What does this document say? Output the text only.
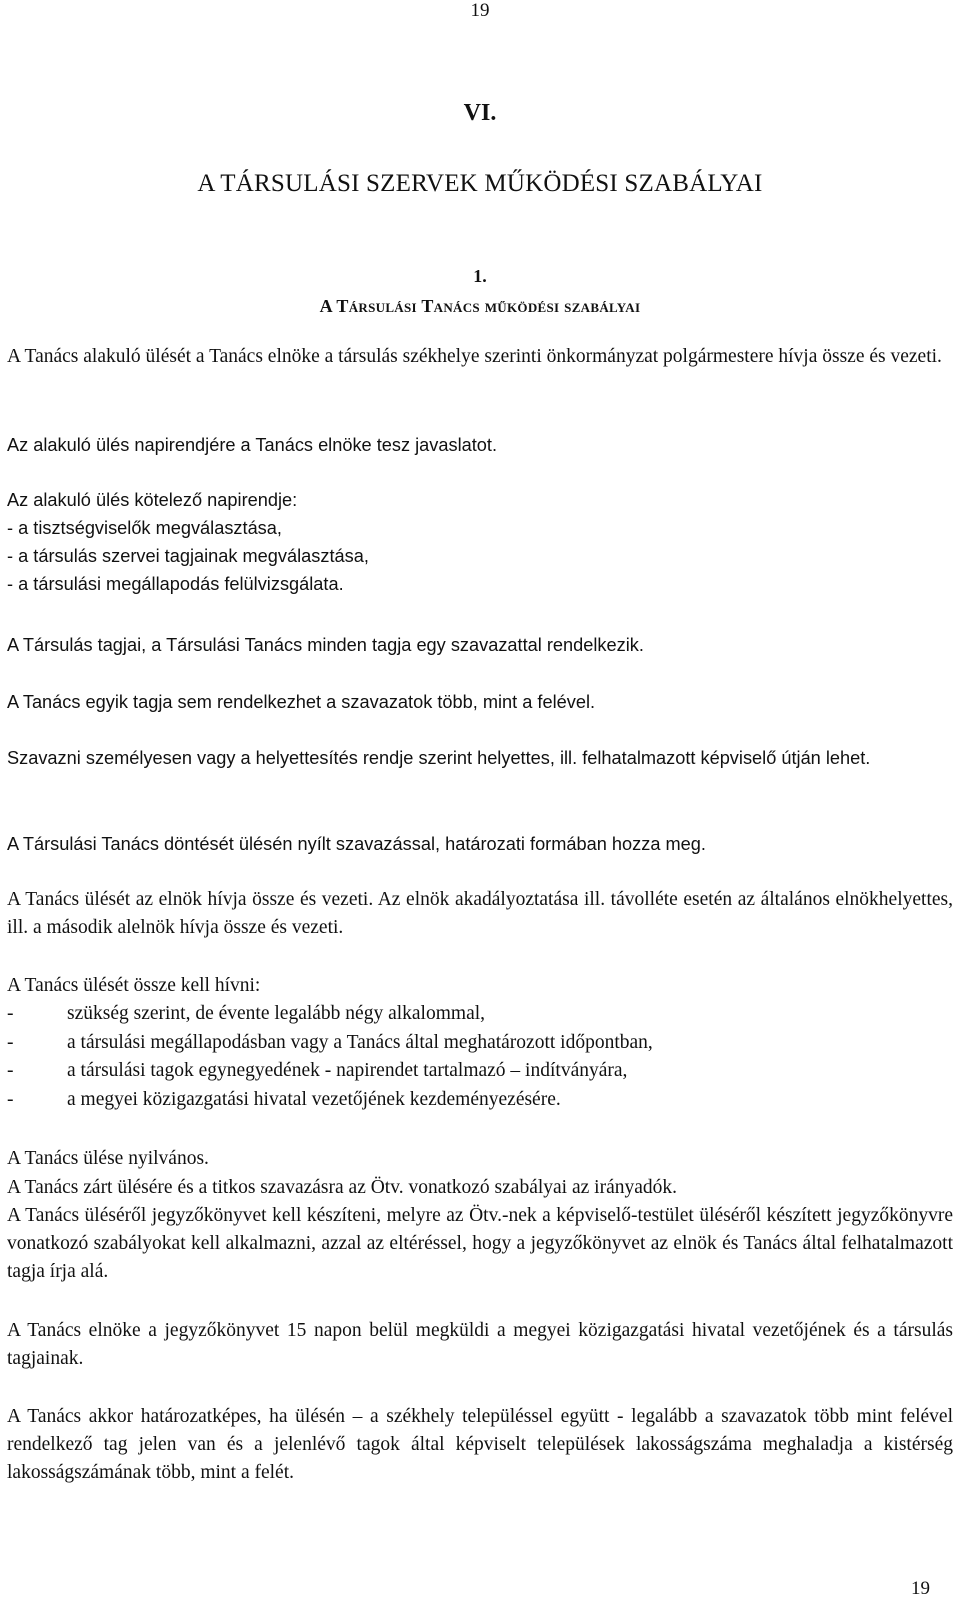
19
VI.
A TÁRSULÁSI SZERVEK MŰKÖDÉSI SZABÁLYAI
1.
A Társulási Tanács működési szabályai
A Tanács alakuló ülését a Tanács elnöke a társulás székhelye szerinti önkormányzat polgármestere hívja össze és vezeti.
Az alakuló ülés napirendjére a Tanács elnöke tesz javaslatot.
Az alakuló ülés kötelező napirendje:
- a tisztségviselők megválasztása,
- a társulás szervei tagjainak megválasztása,
- a társulási megállapodás felülvizsgálata.
A Társulás tagjai, a Társulási Tanács minden tagja egy szavazattal rendelkezik.
A Tanács egyik tagja sem rendelkezhet a szavazatok több, mint a felével.
Szavazni személyesen vagy a helyettesítés rendje szerint helyettes, ill. felhatalmazott képviselő útján lehet.
A Társulási Tanács döntését ülésén nyílt szavazással, határozati formában hozza meg.
A Tanács ülését az elnök hívja össze és vezeti. Az elnök akadályoztatása ill. távolléte esetén az általános elnökhelyettes, ill. a második alelnök hívja össze és vezeti.
A Tanács ülését össze kell hívni:
-	szükség szerint, de évente legalább négy alkalommal,
-	a társulási megállapodásban vagy a Tanács által meghatározott időpontban,
-	a társulási tagok egynegyedének - napirendet tartalmazó – indítványára,
-	a megyei közigazgatási hivatal vezetőjének kezdeményezésére.
A Tanács ülése nyilvános.
A Tanács zárt ülésére és a titkos szavazásra az Ötv. vonatkozó szabályai az irányadók.
A Tanács üléséről jegyzőkönyvet kell készíteni, melyre az Ötv.-nek a képviselő-testület üléséről készített jegyzőkönyvre vonatkozó szabályokat kell alkalmazni, azzal az eltéréssel, hogy a jegyzőkönyvet az elnök és Tanács által felhatalmazott tagja írja alá.
A Tanács elnöke a jegyzőkönyvet 15 napon belül megküldi a megyei közigazgatási hivatal vezetőjének és a társulás tagjainak.
A Tanács akkor határozatképes, ha ülésén – a székhely településsel együtt - legalább a szavazatok több mint felével rendelkező tag jelen van és a jelenlévő tagok által képviselt települések lakosságszáma meghaladja a kistérség lakosságszámának több, mint a felét.
19
